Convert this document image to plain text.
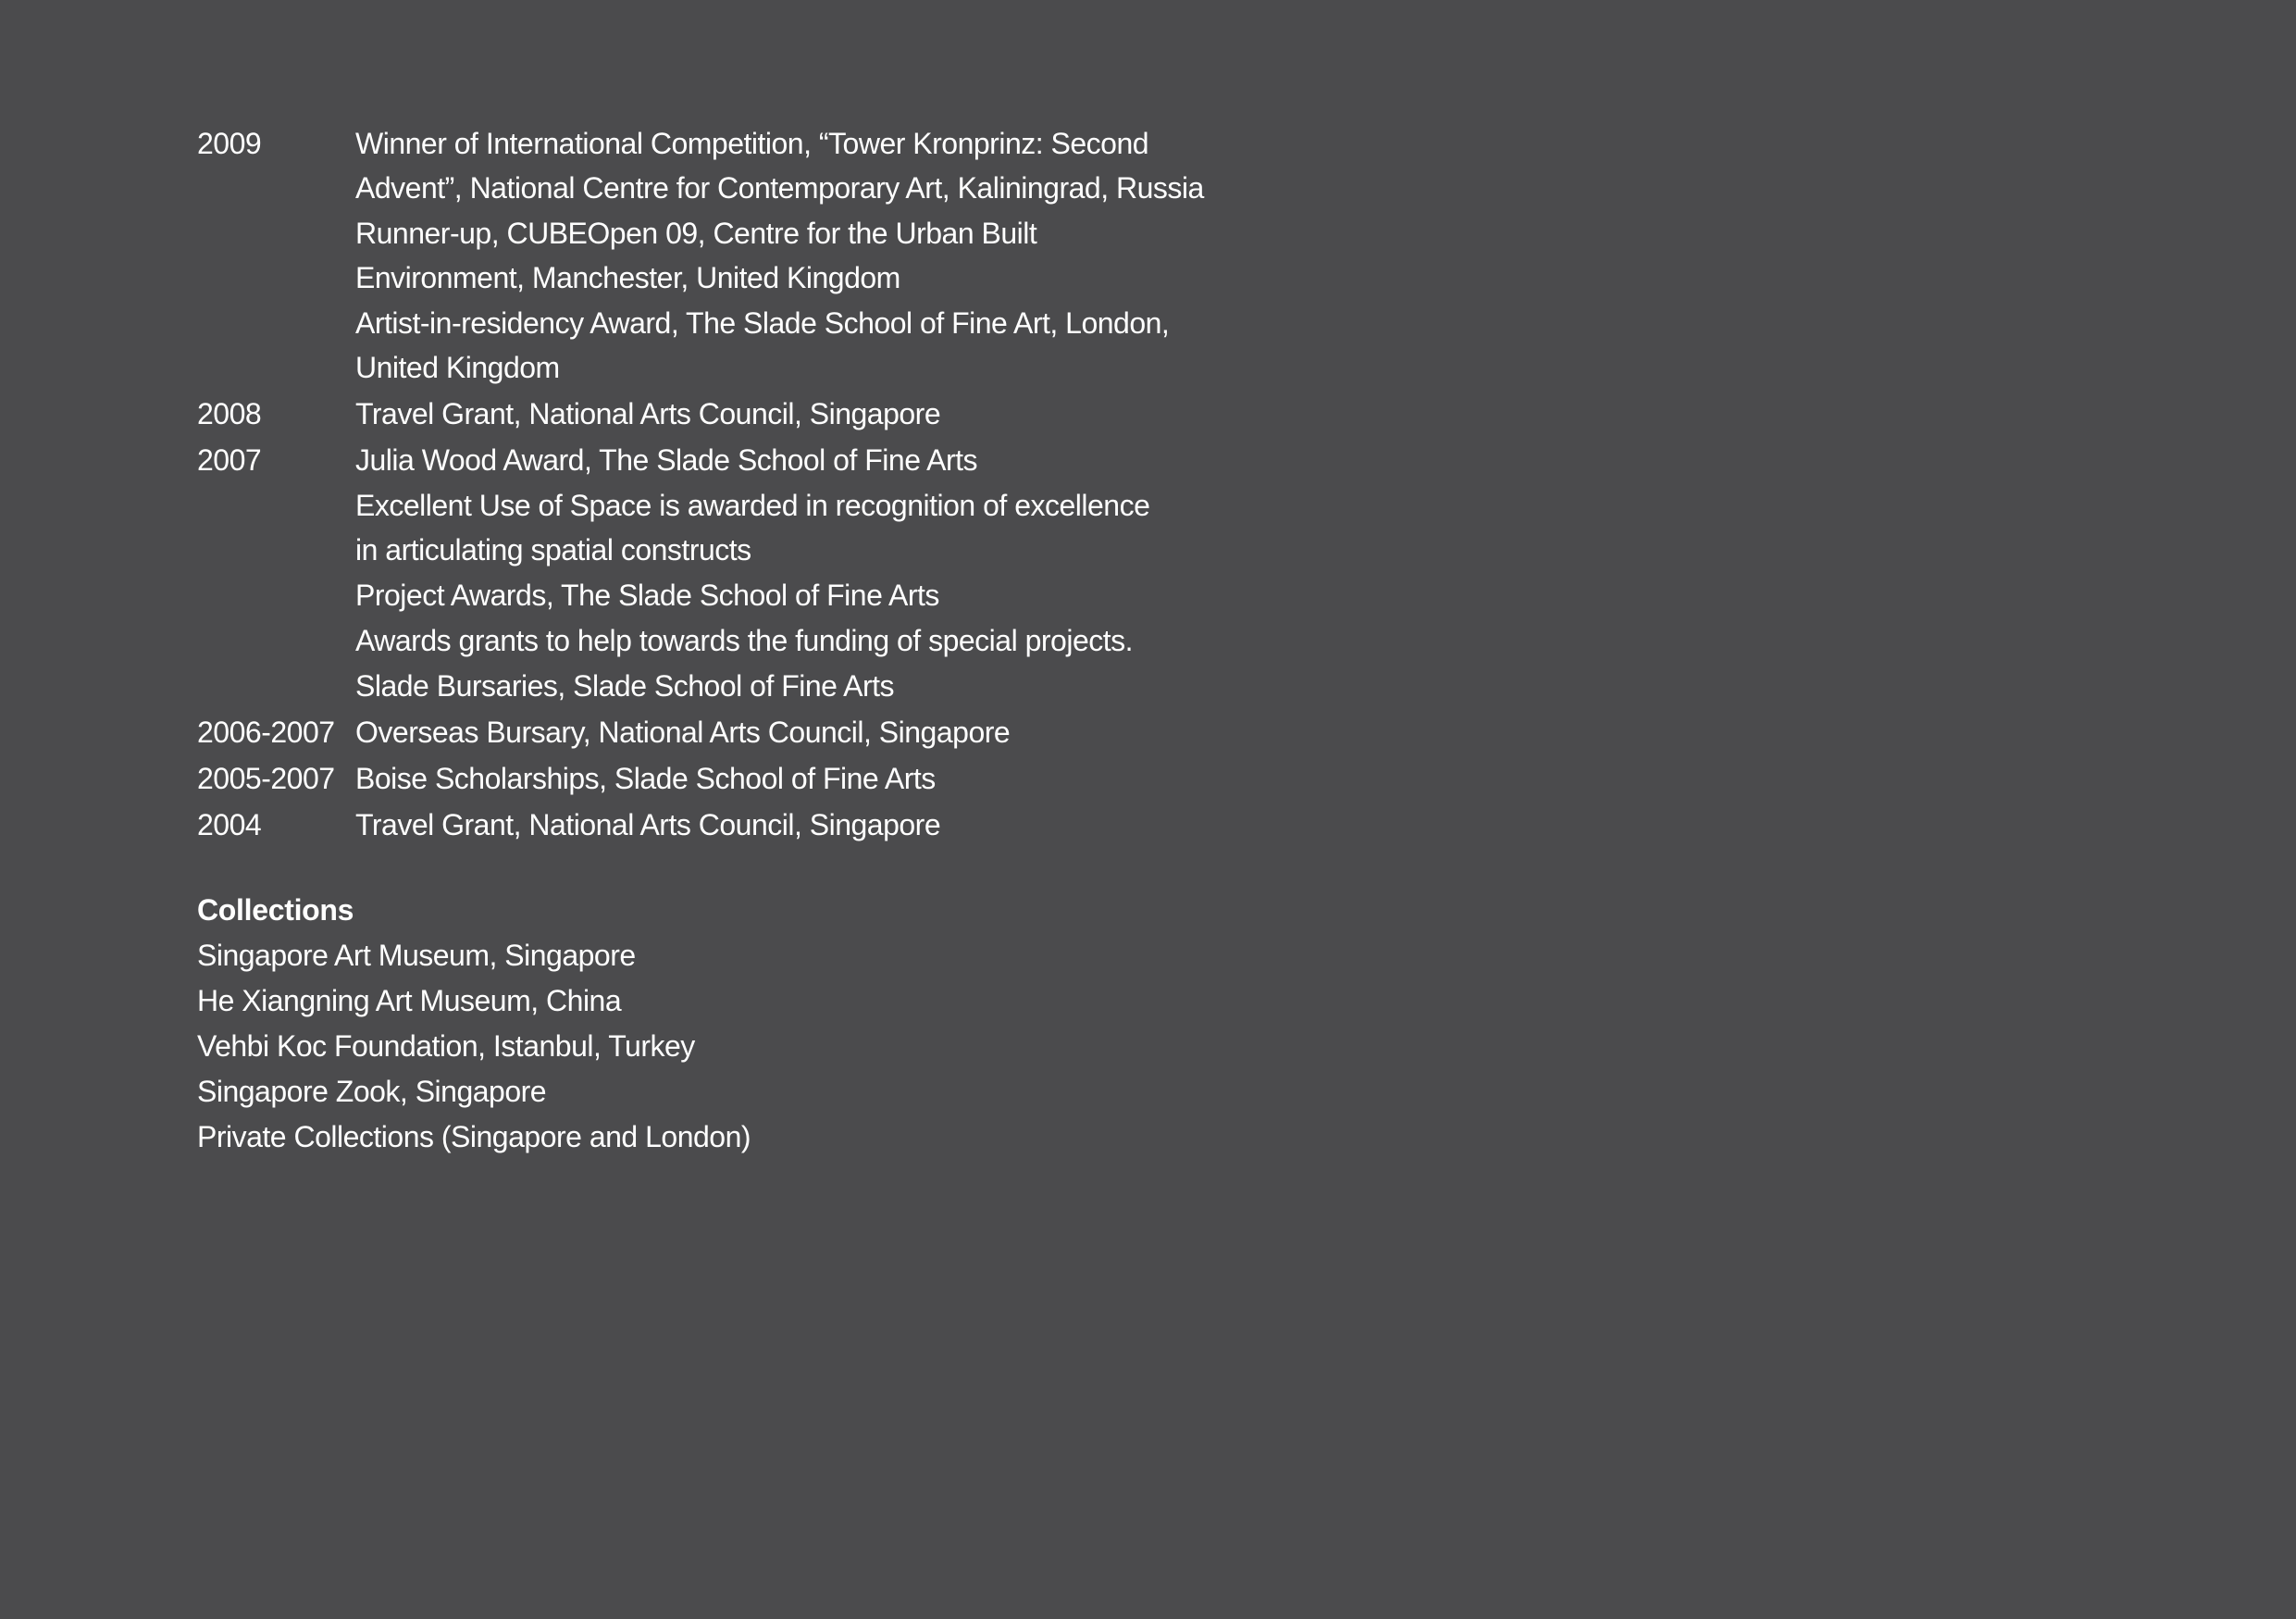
2009	Winner of International Competition, “Tower Kronprinz: Second
Advent”, National Centre for Contemporary Art, Kaliningrad, Russia
Runner-up, CUBEOpen 09, Centre for the Urban Built
Environment, Manchester, United Kingdom
Artist-in-residency Award, The Slade School of Fine Art, London,
United Kingdom
2008	Travel Grant, National Arts Council, Singapore
2007	Julia Wood Award, The Slade School of Fine Arts
Excellent Use of Space is awarded in recognition of excellence
in articulating spatial constructs
Project Awards, The Slade School of Fine Arts
Awards grants to help towards the funding of special projects.
Slade Bursaries, Slade School of Fine Arts
2006-2007 Overseas Bursary, National Arts Council, Singapore
2005-2007 Boise Scholarships, Slade School of Fine Arts
2004	Travel Grant, National Arts Council, Singapore
Collections
Singapore Art Museum, Singapore
He Xiangning Art Museum, China
Vehbi Koc Foundation, Istanbul, Turkey
Singapore Zook, Singapore
Private Collections (Singapore and London)
